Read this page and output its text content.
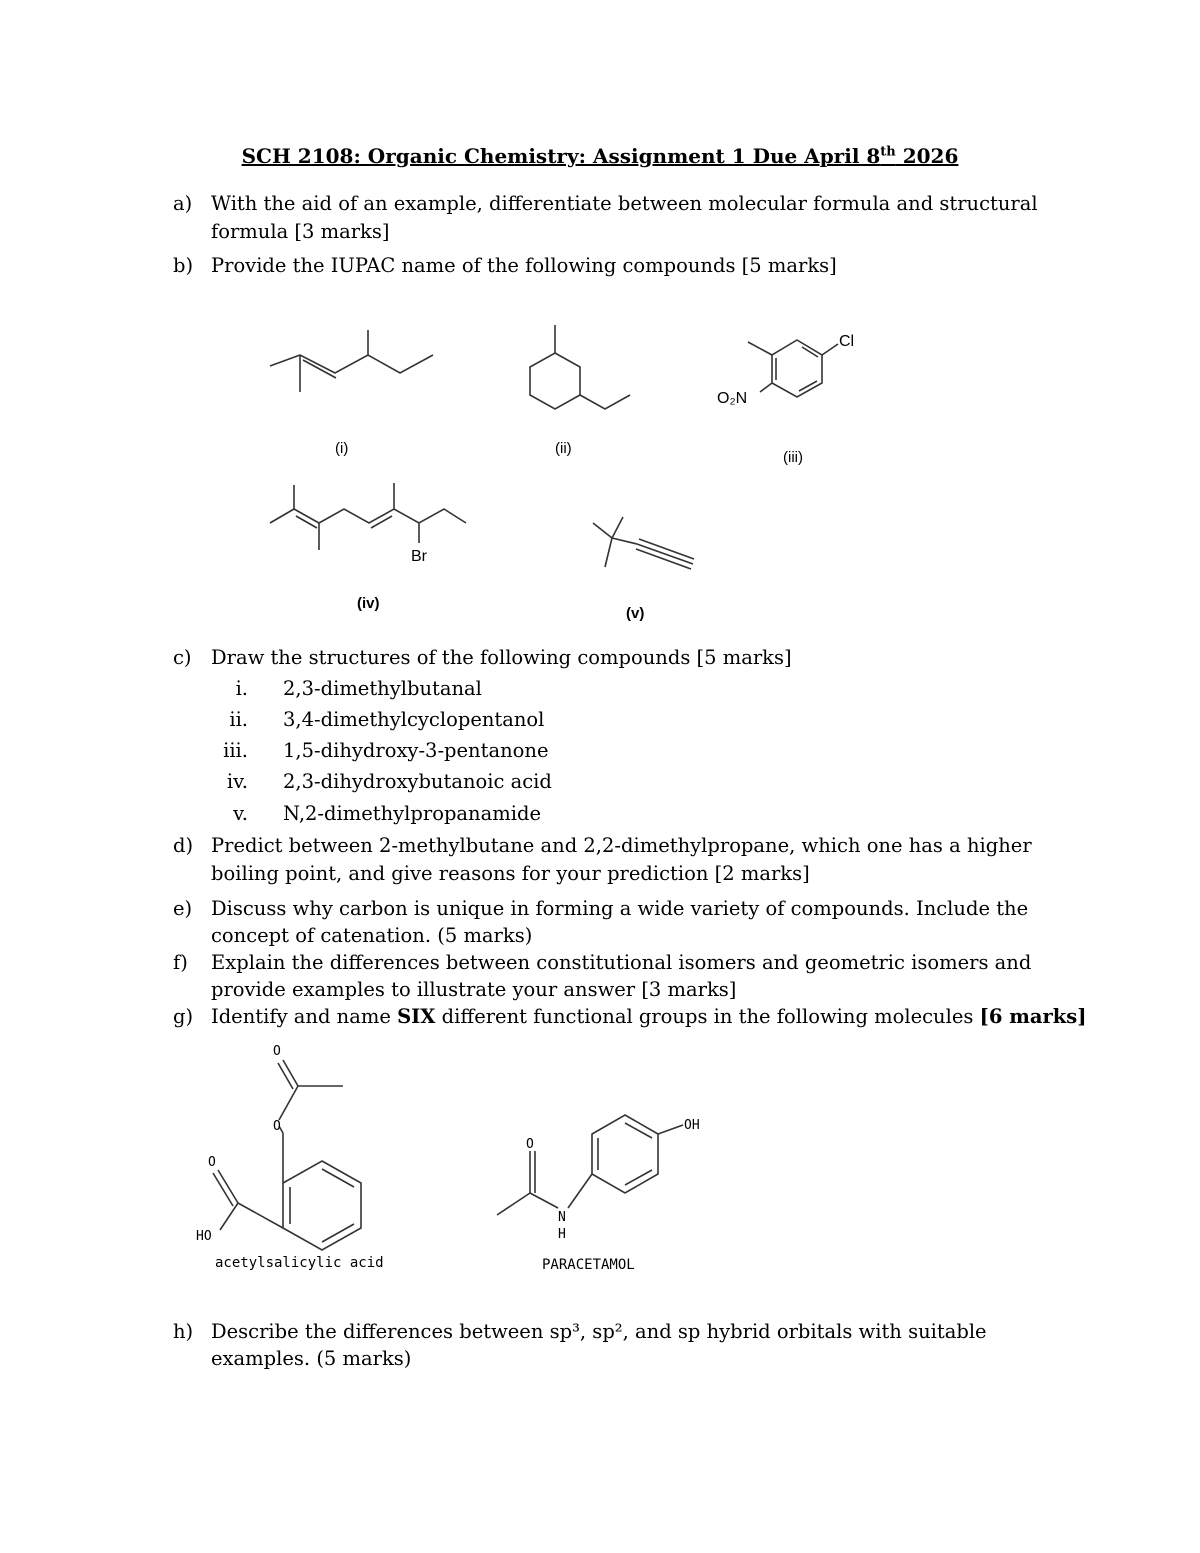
SCH 2108: Organic Chemistry: Assignment 1 Due April 8th 2026
a) With the aid of an example, differentiate between molecular formula and structural formula [3 marks]
b) Provide the IUPAC name of the following compounds [5 marks]
(i)	(ii)
Cl
O₂N
(iii)
Br
(iv)
(v)
c) Draw the structures of the following compounds [5 marks]
i. 2,3-dimethylbutanal
ii. 3,4-dimethylcyclopentanol
iii. 1,5-dihydroxy-3-pentanone
iv. 2,3-dihydroxybutanoic acid
v. N,2-dimethylpropanamide
d) Predict between 2-methylbutane and 2,2-dimethylpropane, which one has a higher boiling point, and give reasons for your prediction [2 marks]
e) Discuss why carbon is unique in forming a wide variety of compounds. Include the concept of catenation. (5 marks)
f)	Explain the differences between constitutional isomers and geometric isomers and provide examples to illustrate your answer [3 marks]
g) Identify and name SIX different functional groups in the following molecules [6 marks]
O
O
O
HO
O
N
H
OH
acetylsalicylic acid	PARACETAMOL
h) Describe the differences between sp³, sp², and sp hybrid orbitals with suitable examples. (5 marks)
